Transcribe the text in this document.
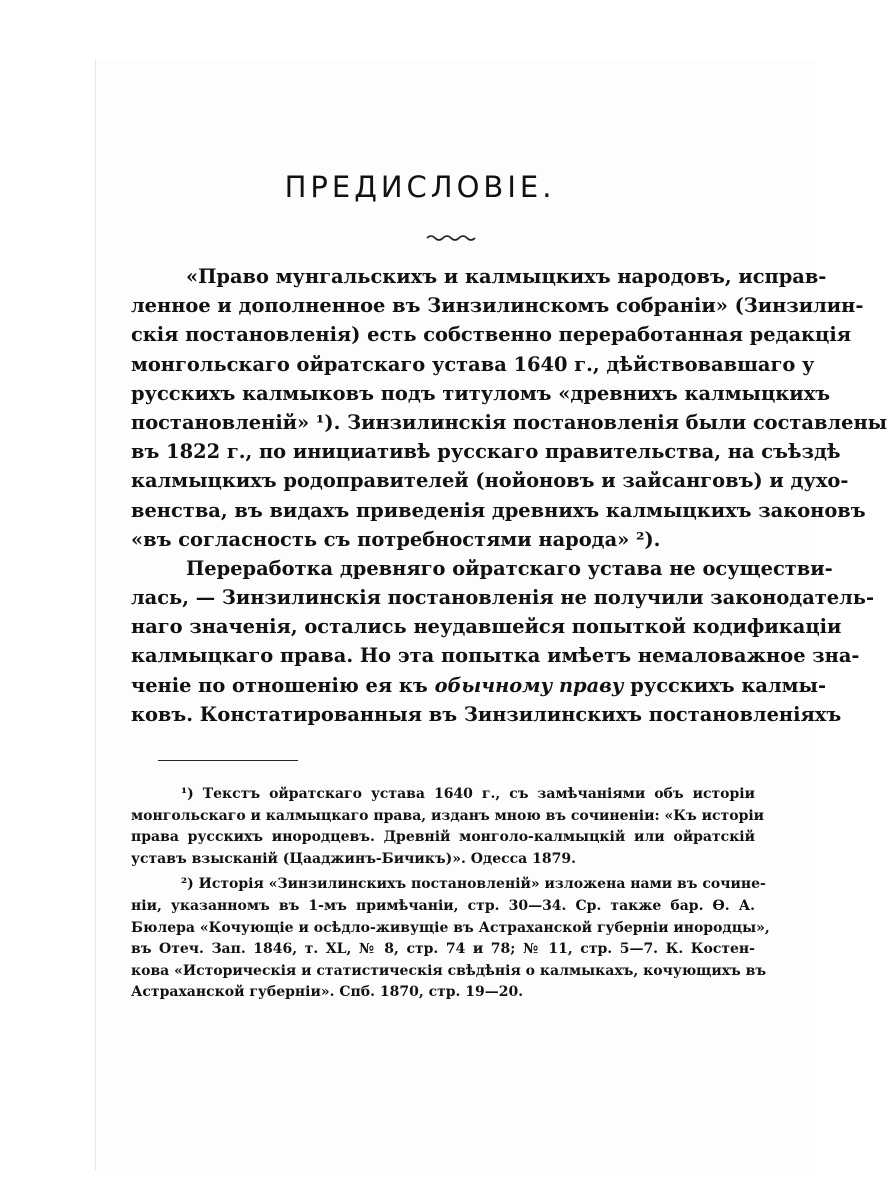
ПРЕДИСЛОВІЕ.
«Право мунгальскихъ и калмыцкихъ народовъ, исправ-
ленное и дополненное въ Зинзилинскомъ собраніи» (Зинзилин-
скія постановленія) есть собственно переработанная редакція
монгольскаго ойратскаго устава 1640 г., дѣйствовавшаго у
русскихъ калмыковъ подъ титуломъ «древнихъ калмыцкихъ
постановленій» ¹). Зинзилинскія постановленія были составлены
въ 1822 г., по инициативѣ русскаго правительства, на съѣздѣ
калмыцкихъ родоправителей (нойоновъ и зайсанговъ) и духо-
венства, въ видахъ приведенія древнихъ калмыцкихъ законовъ
«въ согласность съ потребностями народа» ²).
Переработка древняго ойратскаго устава не осуществи-
лась, — Зинзилинскія постановленія не получили законодатель-
наго значенія, остались неудавшейся попыткой кодификаціи
калмыцкаго права. Но эта попытка имѣетъ немаловажное зна-
ченіе по отношенію ея къ обычному праву русскихъ калмы-
ковъ. Констатированныя въ Зинзилинскихъ постановленіяхъ
¹) Текстъ ойратскаго устава 1640 г., съ замѣчаніями объ исторіи
монгольскаго и калмыцкаго права, изданъ мною въ сочиненіи: «Къ исторіи
права русскихъ инородцевъ. Древній монголо-калмыцкій или ойратскій
уставъ взысканій (Цааджинъ-Бичикъ)». Одесса 1879.
²) Исторія «Зинзилинскихъ постановленій» изложена нами въ сочине-
ніи, указанномъ въ 1-мъ примѣчаніи, стр. 30—34. Ср. также бар. Ѳ. А.
Бюлера «Кочующіе и осѣдло-живущіе въ Астраханской губерніи инородцы»,
въ Отеч. Зап. 1846, т. XL, № 8, стр. 74 и 78; № 11, стр. 5—7. К. Костен-
кова «Историческія и статистическія свѣдѣнія о калмыкахъ, кочующихъ въ
Астраханской губерніи». Спб. 1870, стр. 19—20.
